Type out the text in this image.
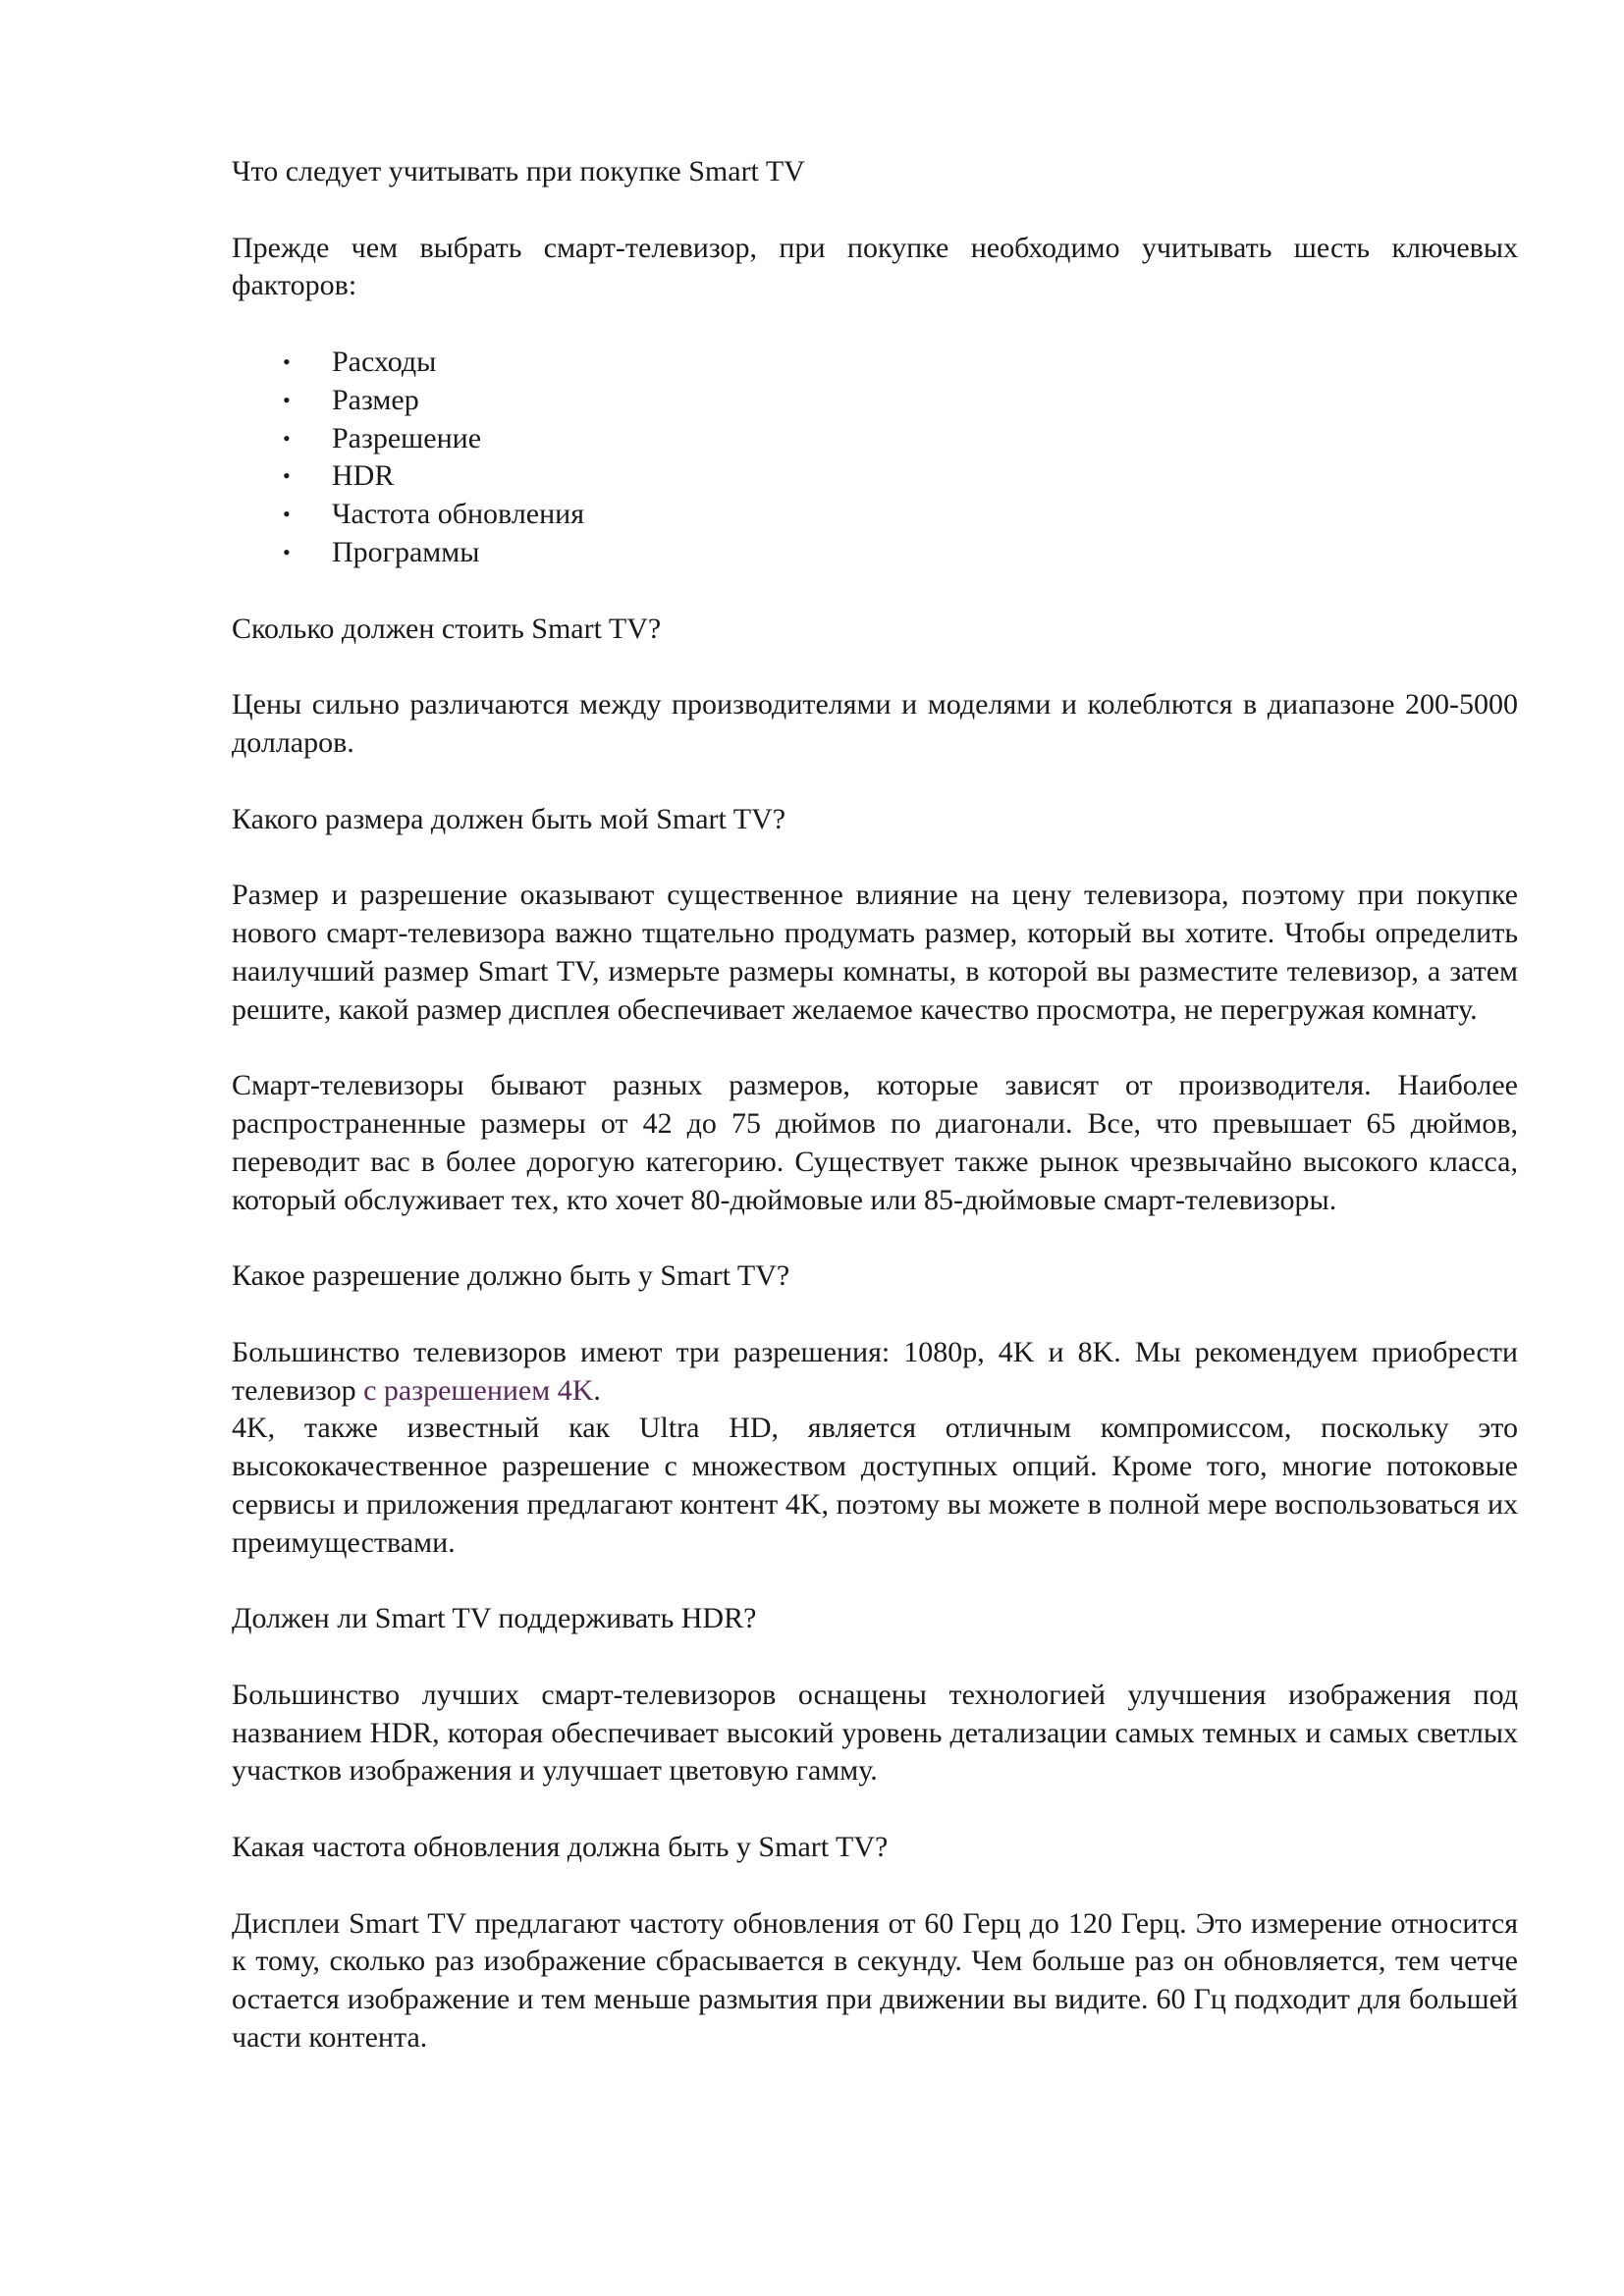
Что следует учитывать при покупке Smart TV

Прежде чем выбрать смарт-телевизор, при покупке необходимо учитывать шесть ключевых факторов:

• Расходы
• Размер
• Разрешение
• HDR
• Частота обновления
• Программы

Сколько должен стоить Smart TV?

Цены сильно различаются между производителями и моделями и колеблются в диапазоне 200-5000 долларов.

Какого размера должен быть мой Smart TV?

Размер и разрешение оказывают существенное влияние на цену телевизора, поэтому при покупке нового смарт-телевизора важно тщательно продумать размер, который вы хотите. Чтобы определить наилучший размер Smart TV, измерьте размеры комнаты, в которой вы разместите телевизор, а затем решите, какой размер дисплея обеспечивает желаемое качество просмотра, не перегружая комнату.

Смарт-телевизоры бывают разных размеров, которые зависят от производителя. Наиболее распространенные размеры от 42 до 75 дюймов по диагонали. Все, что превышает 65 дюймов, переводит вас в более дорогую категорию. Существует также рынок чрезвычайно высокого класса, который обслуживает тех, кто хочет 80-дюймовые или 85-дюймовые смарт-телевизоры.

Какое разрешение должно быть у Smart TV?

Большинство телевизоров имеют три разрешения: 1080p, 4K и 8K. Мы рекомендуем приобрести телевизор с разрешением 4K.

4K, также известный как Ultra HD, является отличным компромиссом, поскольку это высококачественное разрешение с множеством доступных опций. Кроме того, многие потоковые сервисы и приложения предлагают контент 4K, поэтому вы можете в полной мере воспользоваться их преимуществами.

Должен ли Smart TV поддерживать HDR?

Большинство лучших смарт-телевизоров оснащены технологией улучшения изображения под названием HDR, которая обеспечивает высокий уровень детализации самых темных и самых светлых участков изображения и улучшает цветовую гамму.

Какая частота обновления должна быть у Smart TV?

Дисплеи Smart TV предлагают частоту обновления от 60 Герц до 120 Герц. Это измерение относится к тому, сколько раз изображение сбрасывается в секунду. Чем больше раз он обновляется, тем четче остается изображение и тем меньше размытия при движении вы видите. 60 Гц подходит для большей части контента.
